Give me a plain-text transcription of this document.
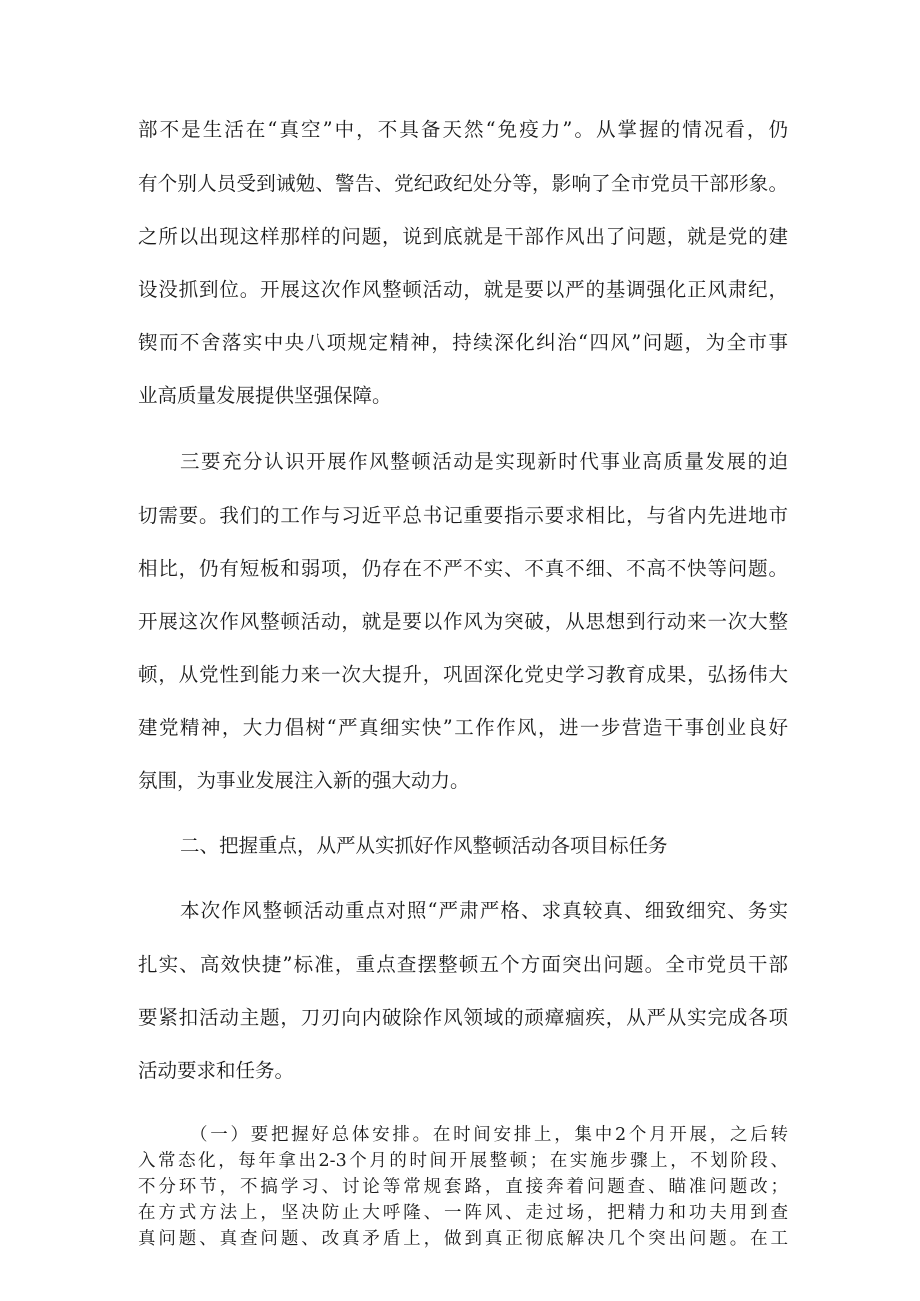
部不是生活在“真空”中，不具备天然“免疫力”。从掌握的情况看，仍
有个别人员受到诫勉、警告、党纪政纪处分等，影响了全市党员干部形象。
之所以出现这样那样的问题，说到底就是干部作风出了问题，就是党的建
设没抓到位。开展这次作风整顿活动，就是要以严的基调强化正风肃纪，
锲而不舍落实中央八项规定精神，持续深化纠治“四风”问题，为全市事
业高质量发展提供坚强保障。
三要充分认识开展作风整顿活动是实现新时代事业高质量发展的迫
切需要。我们的工作与习近平总书记重要指示要求相比，与省内先进地市
相比，仍有短板和弱项，仍存在不严不实、不真不细、不高不快等问题。
开展这次作风整顿活动，就是要以作风为突破，从思想到行动来一次大整
顿，从党性到能力来一次大提升，巩固深化党史学习教育成果，弘扬伟大
建党精神，大力倡树“严真细实快”工作作风，进一步营造干事创业良好
氛围，为事业发展注入新的强大动力。
二、把握重点，从严从实抓好作风整顿活动各项目标任务
本次作风整顿活动重点对照“严肃严格、求真较真、细致细究、务实
扎实、高效快捷”标准，重点查摆整顿五个方面突出问题。全市党员干部
要紧扣活动主题，刀刃向内破除作风领域的顽瘴痼疾，从严从实完成各项
活动要求和任务。
（一）要把握好总体安排。在时间安排上，集中2个月开展，之后转
入常态化，每年拿出2-3个月的时间开展整顿；在实施步骤上，不划阶段、
不分环节，不搞学习、讨论等常规套路，直接奔着问题查、瞄准问题改；
在方式方法上，坚决防止大呼隆、一阵风、走过场，把精力和功夫用到查
真问题、真查问题、改真矛盾上，做到真正彻底解决几个突出问题。在工
